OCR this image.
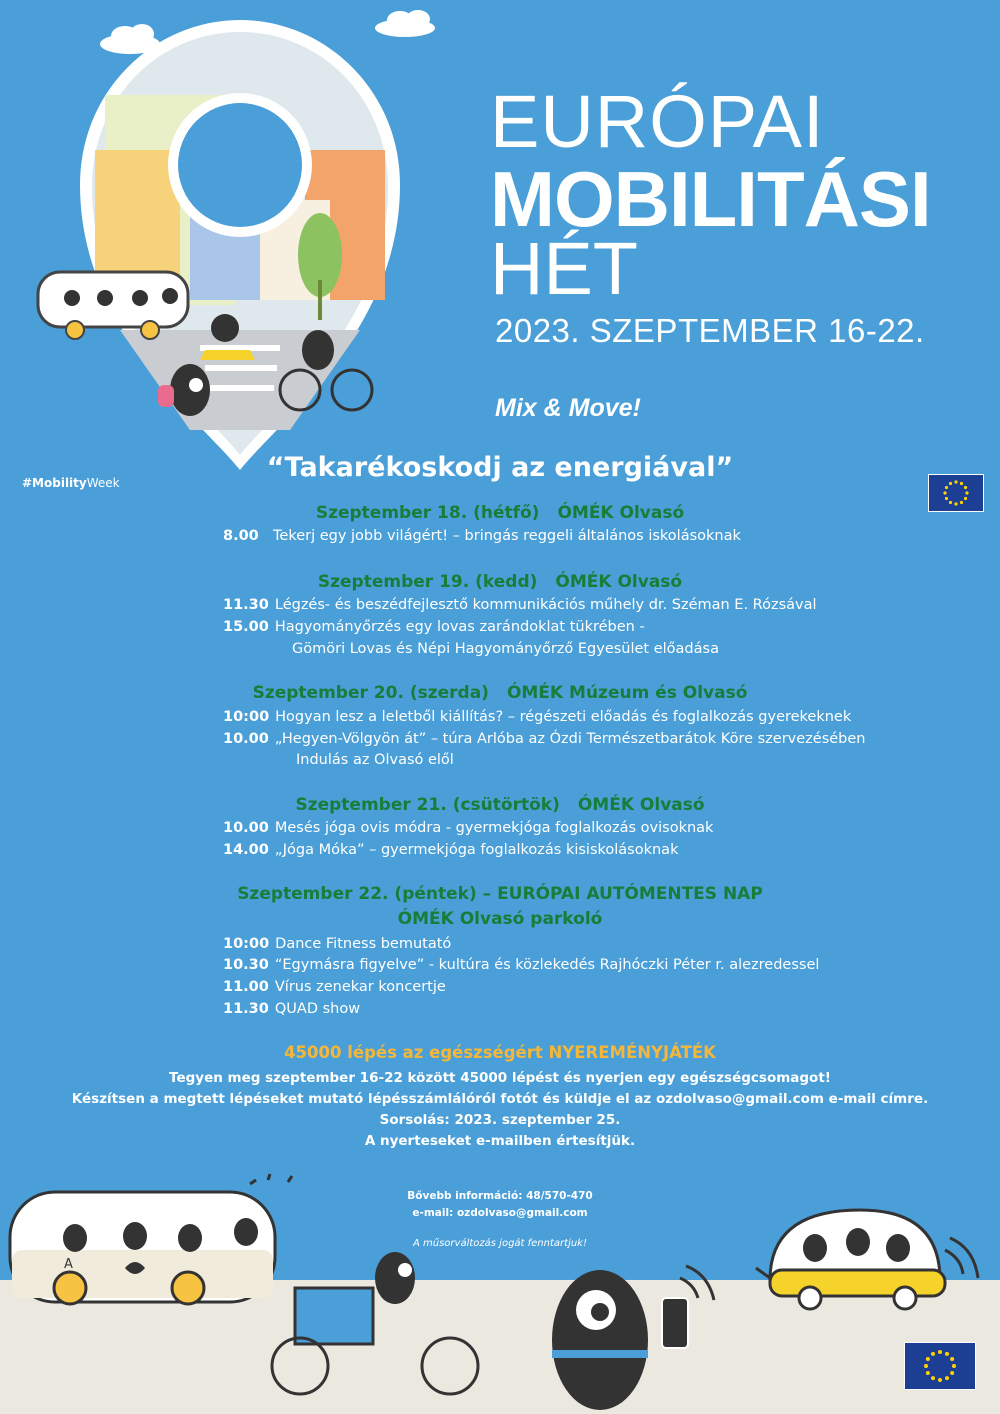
EURÓPAI
MOBILITÁSI
HÉT
2023. SZEPTEMBER 16-22.
Mix & Move!
#MobilityWeek	“Takarékoskodj az energiával”
Szeptember 18. (hétfő) ÓMÉK Olvasó
8.00 Tekerj egy jobb világért! – bringás reggeli általános iskolásoknak
Szeptember 19. (kedd) ÓMÉK Olvasó
11.30 Légzés- és beszédfejlesztő kommunikációs műhely dr. Széman E. Rózsával
15.00 Hagyományőrzés egy lovas zarándoklat tükrében -
Gömöri Lovas és Népi Hagyományőrző Egyesület előadása
Szeptember 20. (szerda) ÓMÉK Múzeum és Olvasó
10:00 Hogyan lesz a leletből kiállítás? – régészeti előadás és foglalkozás gyerekeknek
10.00 „Hegyen-Völgyön át” – túra Arlóba az Ózdi Természetbarátok Köre szervezésében
Indulás az Olvasó elől
Szeptember 21. (csütörtök) ÓMÉK Olvasó
10.00 Mesés jóga ovis módra - gyermekjóga foglalkozás ovisoknak
14.00 „Jóga Móka” – gyermekjóga foglalkozás kisiskolásoknak
Szeptember 22. (péntek) – EURÓPAI AUTÓMENTES NAP
ÓMÉK Olvasó parkoló
10:00 Dance Fitness bemutató
10.30 “Egymásra figyelve” - kultúra és közlekedés Rajhóczki Péter r. alezredessel
11.00 Vírus zenekar koncertje
11.30 QUAD show
45000 lépés az egészségért NYEREMÉNYJÁTÉK
Tegyen meg szeptember 16-22 között 45000 lépést és nyerjen egy egészségcsomagot!
Készítsen a megtett lépéseket mutató lépésszámlálóról fotót és küldje el az ozdolvaso@gmail.com e-mail címre.
Sorsolás: 2023. szeptember 25.
A nyerteseket e-mailben értesítjük.
Bővebb információ: 48/570-470
e-mail: ozdolvaso@gmail.com
A műsorváltozás jogát fenntartjuk!
A
